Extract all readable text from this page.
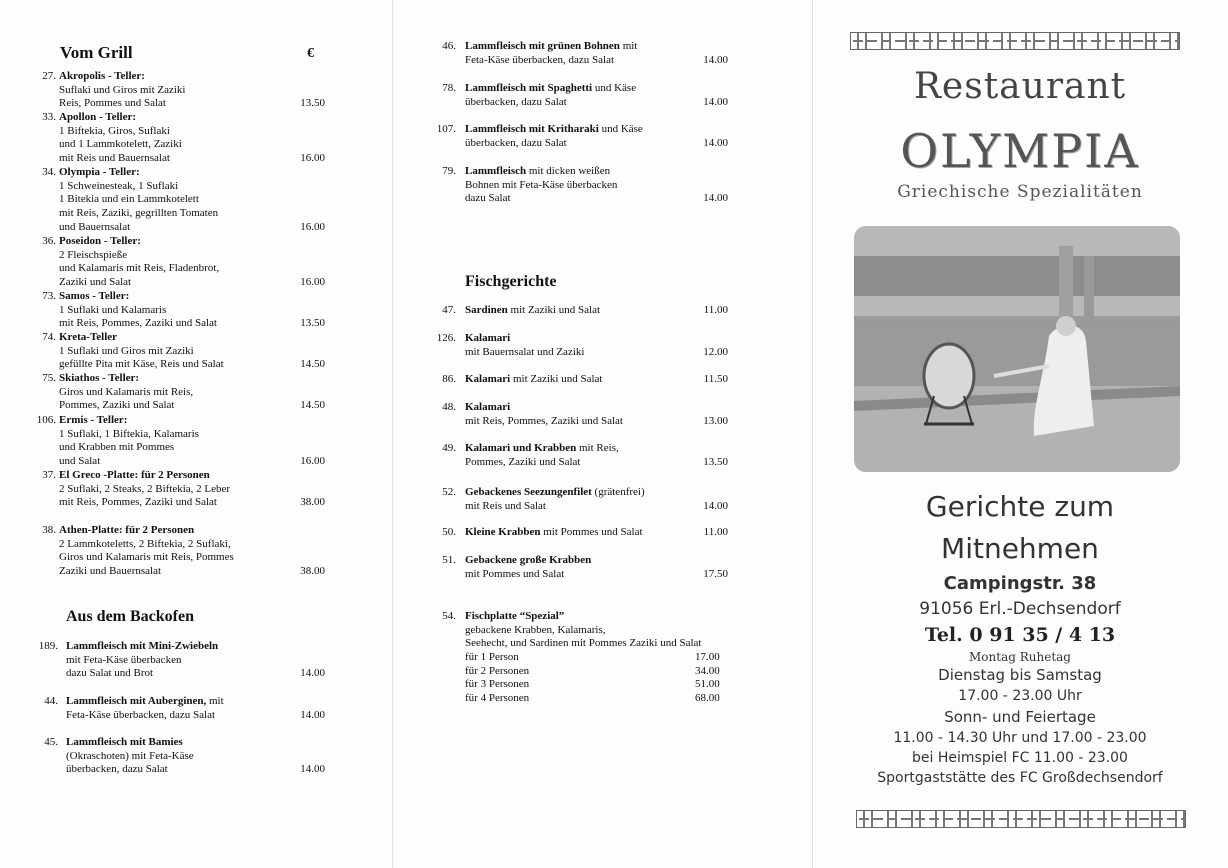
Vom Grill	€
27. Akropolis - Teller:
Suflaki und Giros mit Zaziki
Reis, Pommes und Salat	13.50
33. Apollon - Teller:
1 Biftekia, Giros, Suflaki
und 1 Lammkotelett, Zaziki
mit Reis und Bauernsalat	16.00
34. Olympia - Teller:
1 Schweinesteak, 1 Suflaki
1 Bitekia und ein Lammkotelett
mit Reis, Zaziki, gegrillten Tomaten
und Bauernsalat	16.00
36. Poseidon - Teller:
2 Fleischspieße
und Kalamaris mit Reis, Fladenbrot,
Zaziki und Salat	16.00
73. Samos - Teller:
1 Suflaki und Kalamaris
mit Reis, Pommes, Zaziki und Salat	13.50
74. Kreta-Teller
1 Suflaki und Giros mit Zaziki
gefüllte Pita mit Käse, Reis und Salat	14.50
75. Skiathos - Teller:
Giros und Kalamaris mit Reis,
Pommes, Zaziki und Salat	14.50
106. Ermis - Teller:
1 Suflaki, 1 Biftekia, Kalamaris
und Krabben mit Pommes
und Salat	16.00
37. El Greco -Platte: für 2 Personen
2 Suflaki, 2 Steaks, 2 Biftekia, 2 Leber
mit Reis, Pommes, Zaziki und Salat	38.00
38. Athen-Platte: für 2 Personen
2 Lammkoteletts, 2 Biftekia, 2 Suflaki,
Giros und Kalamaris mit Reis, Pommes
Zaziki und Bauernsalat	38.00
Aus dem Backofen
189. Lammfleisch mit Mini-Zwiebeln
mit Feta-Käse überbacken
dazu Salat und Brot	14.00
44. Lammfleisch mit Auberginen, mit
Feta-Käse überbacken, dazu Salat	14.00
45. Lammfleisch mit Bamies
(Okraschoten) mit Feta-Käse
überbacken, dazu Salat	14.00
46. Lammfleisch mit grünen Bohnen mit
Feta-Käse überbacken, dazu Salat	14.00
78. Lammfleisch mit Spaghetti und Käse
überbacken, dazu Salat	14.00
107. Lammfleisch mit Kritharaki und Käse
überbacken, dazu Salat	14.00
79. Lammfleisch mit dicken weißen
Bohnen mit Feta-Käse überbacken
dazu Salat	14.00
Fischgerichte
47. Sardinen mit Zaziki und Salat	11.00
126. Kalamari
mit Bauernsalat und Zaziki	12.00
86. Kalamari mit Zaziki und Salat	11.50
48. Kalamari
mit Reis, Pommes, Zaziki und Salat	13.00
49. Kalamari und Krabben mit Reis,
Pommes, Zaziki und Salat	13.50
52. Gebackenes Seezungenfilet (grätenfrei)
mit Reis und Salat	14.00
50. Kleine Krabben mit Pommes und Salat	11.00
51. Gebackene große Krabben
mit Pommes und Salat	17.50
54. Fischplatte “Spezial”
gebackene Krabben, Kalamaris,
Seehecht, und Sardinen mit Pommes Zaziki und Salat
für 1 Person	17.00
für 2 Personen	34.00
für 3 Personen	51.00
für 4 Personen	68.00
Restaurant
OLYMPIA
Griechische Spezialitäten
Gerichte zum
Mitnehmen
Campingstr. 38
91056 Erl.-Dechsendorf
Tel. 0 91 35 / 4 13
Montag Ruhetag
Dienstag bis Samstag
17.00 - 23.00 Uhr
Sonn- und Feiertage
11.00 - 14.30 Uhr und 17.00 - 23.00
bei Heimspiel FC 11.00 - 23.00
Sportgaststätte des FC Großdechsendorf
